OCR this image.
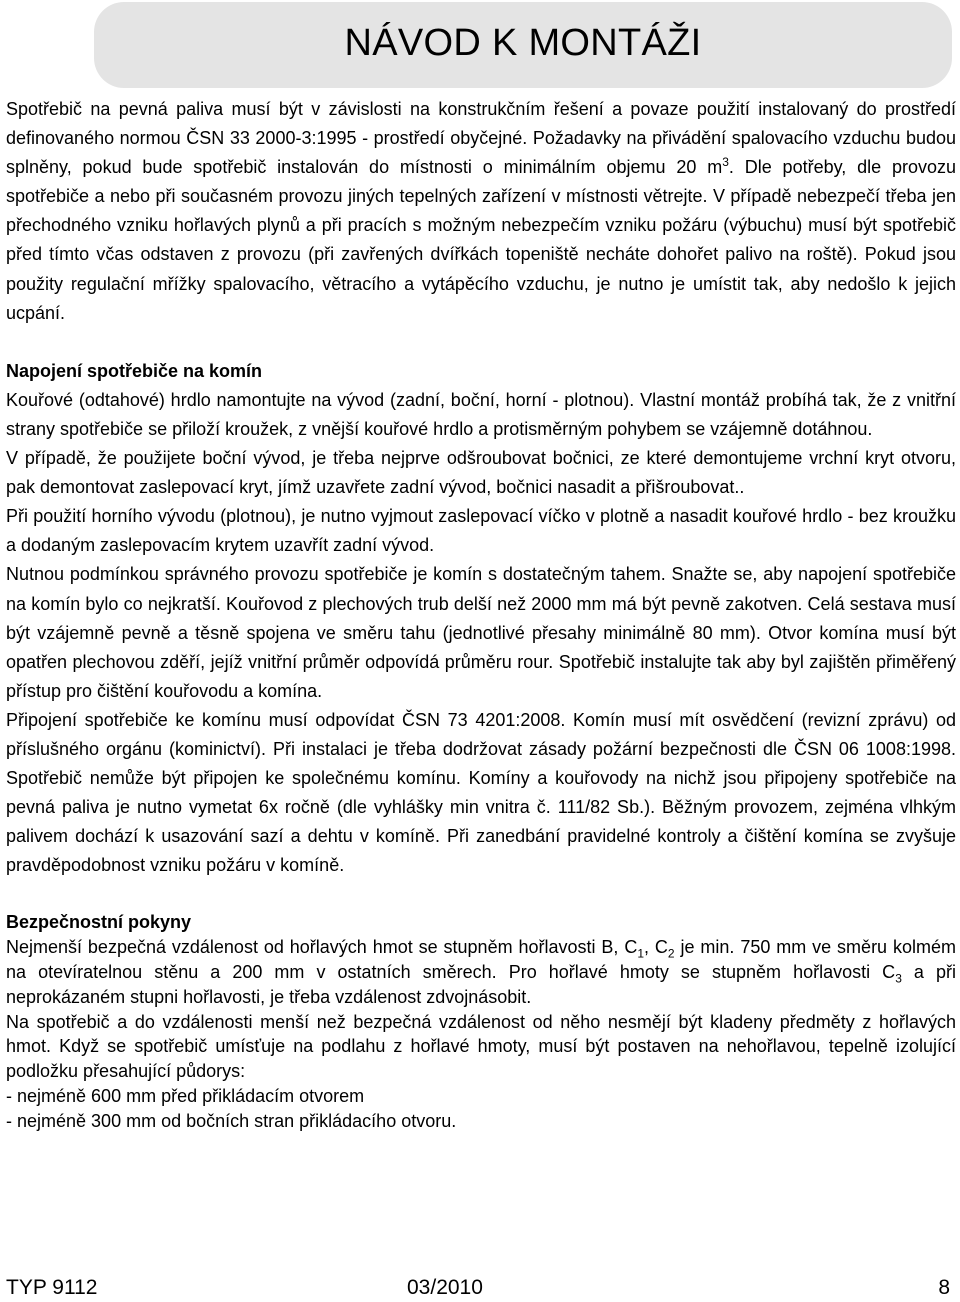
NÁVOD K MONTÁŽI

Spotřebič na pevná paliva musí být v závislosti na konstrukčním řešení a povaze použití instalovaný do prostředí definovaného normou ČSN 33 2000-3:1995 - prostředí obyčejné. Požadavky na přivádění spalovacího vzduchu budou splněny, pokud bude spotřebič instalován do místnosti o minimálním objemu 20 $m^3$. Dle potřeby, dle provozu spotřebiče a nebo při současném provozu jiných tepelných zařízení v místnosti větrejte. V případě nebezpečí třeba jen přechodného vzniku hořlavých plynů a při pracích s možným nebezpečím vzniku požáru (výbuchu) musí být spotřebič před tímto včas odstaven z provozu (při zavřených dvířkách topeniště necháte dohořet palivo na roště). Pokud jsou použity regulační mřížky spalovacího, větracího a vytápěcího vzduchu, je nutno je umístit tak, aby nedošlo k jejich ucpání.

Napojení spotřebiče na komín

Kouřové (odtahové) hrdlo namontujte na vývod (zadní, boční, horní - plotnou). Vlastní montáž probíhá tak, že z vnitřní strany spotřebiče se přiloží kroužek, z vnější kouřové hrdlo a protisměrným pohybem se vzájemně dotáhnou.

V případě, že použijete boční vývod, je třeba nejprve odšroubovat bočnici, ze které demontujeme vrchní kryt otvoru, pak demontovat zaslepovací kryt, jímž uzavřete zadní vývod, bočnici nasadit a přišroubovat..

Při použití horního vývodu (plotnou), je nutno vyjmout zaslepovací víčko v plotně a nasadit kouřové hrdlo - bez kroužku a dodaným zaslepovacím krytem uzavřít zadní vývod.

Nutnou podmínkou správného provozu spotřebiče je komín s dostatečným tahem. Snažte se, aby napojení spotřebiče na komín bylo co nejkratší. Kouřovod z plechových trub delší než 2000 mm má být pevně zakotven. Celá sestava musí být vzájemně pevně a těsně spojena ve směru tahu (jednotlivé přesahy minimálně 80 mm). Otvor komína musí být opatřen plechovou zděří, jejíž vnitřní průměr odpovídá průměru rour. Spotřebič instalujte tak aby byl zajištěn přiměřený přístup pro čištění kouřovodu a komína.

Připojení spotřebiče ke komínu musí odpovídat ČSN 73 4201:2008. Komín musí mít osvědčení (revizní zprávu) od příslušného orgánu (kominictví). Při instalaci je třeba dodržovat zásady požární bezpečnosti dle ČSN 06 1008:1998. Spotřebič nemůže být připojen ke společnému komínu. Komíny a kouřovody na nichž jsou připojeny spotřebiče na pevná paliva je nutno vymetat 6x ročně (dle vyhlášky min vnitra č. 111/82 Sb.). Běžným provozem, zejména vlhkým palivem dochází k usazování sazí a dehtu v komíně. Při zanedbání pravidelné kontroly a čištění komína se zvyšuje pravděpodobnost vzniku požáru v komíně.

Bezpečnostní pokyny

Nejmenší bezpečná vzdálenost od hořlavých hmot se stupněm hořlavosti B, $C_1$, $C_2$ je min. 750 mm ve směru kolmém na otevíratelnou stěnu a 200 mm v ostatních směrech. Pro hořlavé hmoty se stupněm hořlavosti $C_3$ a při neprokázaném stupni hořlavosti, je třeba vzdálenost zdvojnásobit.

Na spotřebič a do vzdálenosti menší než bezpečná vzdálenost od něho nesmějí být kladeny předměty z hořlavých hmot. Když se spotřebič umísťuje na podlahu z hořlavé hmoty, musí být postaven na nehořlavou, tepelně izolující podložku přesahující půdorys:

- nejméně 600 mm před přikládacím otvorem

- nejméně 300 mm od bočních stran přikládacího otvoru.

TYP 9112	03/2010	8
